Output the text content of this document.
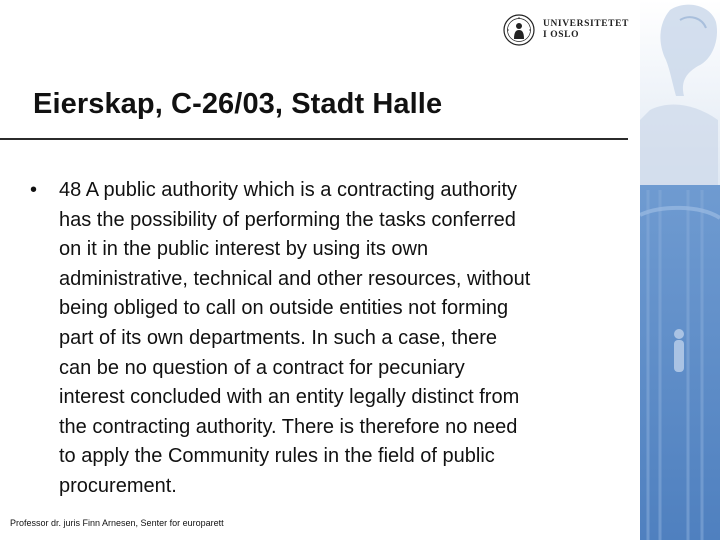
UNIVERSITETET
I OSLO
Eierskap, C-26/03, Stadt Halle
• 48 A public authority which is a contracting authority
has the possibility of performing the tasks conferred
on it in the public interest by using its own
administrative, technical and other resources, without
being obliged to call on outside entities not forming
part of its own departments. In such a case, there
can be no question of a contract for pecuniary
interest concluded with an entity legally distinct from
the contracting authority. There is therefore no need
to apply the Community rules in the field of public
procurement.
Professor dr. juris Finn Arnesen, Senter for europarett
